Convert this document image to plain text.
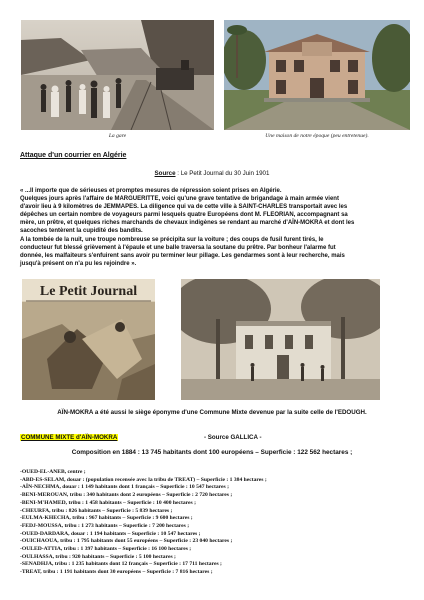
La gare	Une maison de notre époque (peu entretenue).
Attaque d'un courrier en Algérie
Source : Le Petit Journal du 30 Juin 1901
« ...Il importe que de sérieuses et promptes mesures de répression soient prises en Algérie.
Quelques jours après l'affaire de MARGUERITTE, voici qu'une grave tentative de brigandage à main armée vient
d'avoir lieu à 9 kilomètres de JEMMAPES. La diligence qui va de cette ville à SAINT-CHARLES transportait avec les
dépêches un certain nombre de voyageurs parmi lesquels quatre Européens dont M. FLEORIAN, accompagnant sa
mère, un prêtre, et quelques riches marchands de chevaux indigènes se rendant au marché d'AÏN-MOKRA et dont les
sacoches tentèrent la cupidité des bandits.
A la tombée de la nuit, une troupe nombreuse se précipita sur la voiture ; des coups de fusil furent tirés, le
conducteur fut blessé grièvement à l'épaule et une balle traversa la soutane du prêtre. Par bonheur l'alarme fut
donnée, les malfaiteurs s'enfuirent sans avoir pu terminer leur pillage. Les gendarmes sont à leur recherche, mais
jusqu'à présent on n'a pu les rejoindre ».
Le Petit Journal
AÏN-MOKRA a été aussi le siège éponyme d'une Commune Mixte devenue par la suite celle de l'EDOUGH.
COMMUNE MIXTE d'AÏN-MOKRA	- Source GALLICA -
Composition en 1884 : 13 745 habitants dont 100 européens – Superficie : 122 562 hectares ;
-OUED-EL-ANEB, centre ;
-ABD-ES-SELAM, douar : (population recensée avec la tribu de TREAT) – Superficie : 1 384 hectares ;
-AÏN-NECHMA, douar : 1 149 habitants dont 1 français – Superficie : 10 547 hectares ;
-BENI-MEROUAN, tribu : 340 habitants dont 2 européens – Superficie : 2 720 hectares ;
-BENI-M'HAMED, tribu : 1 458 habitants – Superficie : 10 400 hectares ;
-CHEURFA, tribu : 826 habitants – Superficie : 5 839 hectares ;
-EULMA-KHECHA, tribu : 967 habitants – Superficie : 9 600 hectares ;
-FEDJ-MOUSSA, tribu : 1 273 habitants – Superficie : 7 200 hectares ;
-OUED-DARDARA, douar : 1 194 habitants – Superficie : 10 547 hectares ;
-OUICHAOUA, tribu : 1 795 habitants dont 55 européens – Superficie : 23 040 hectares ;
-OULED-ATTIA, tribu : 1 397 habitants – Superficie : 16 100 hectares ;
-OULHASSA, tribu : 920 habitants – Superficie : 5 100 hectares ;
-SENADHJA, tribu : 1 235 habitants dont 12 français – Superficie : 17 711 hectares ;
-TREAT, tribu : 1 191 habitants dont 30 européens – Superficie : 7 816 hectares ;
